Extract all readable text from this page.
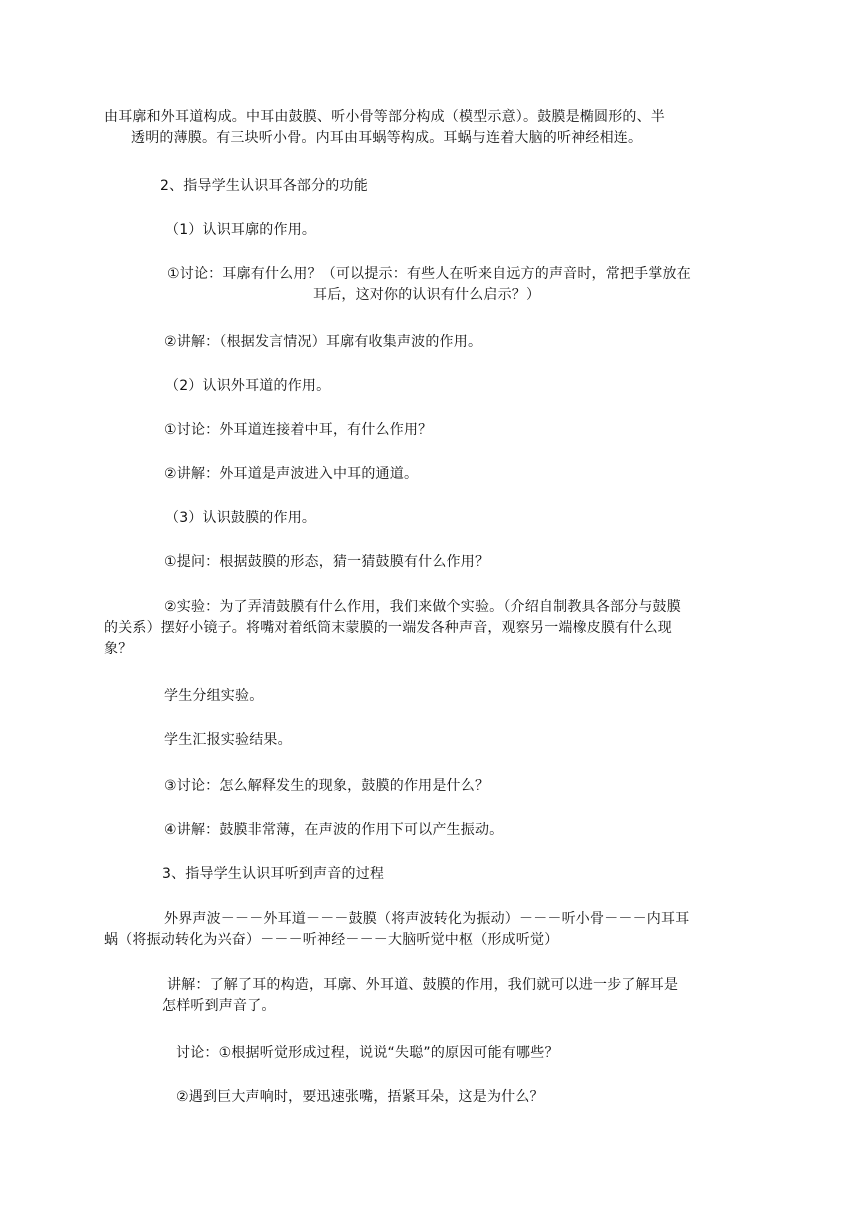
由耳廓和外耳道构成。中耳由鼓膜、听小骨等部分构成（模型示意）。鼓膜是椭圆形的、半
透明的薄膜。有三块听小骨。内耳由耳蜗等构成。耳蜗与连着大脑的听神经相连。
2、指导学生认识耳各部分的功能
（1）认识耳廓的作用。
①讨论：耳廓有什么用？（可以提示：有些人在听来自远方的声音时，常把手掌放在
耳后，这对你的认识有什么启示？）
②讲解：（根据发言情况）耳廓有收集声波的作用。
（2）认识外耳道的作用。
①讨论：外耳道连接着中耳，有什么作用？
②讲解：外耳道是声波进入中耳的通道。
（3）认识鼓膜的作用。
①提问：根据鼓膜的形态，猜一猜鼓膜有什么作用？
②实验：为了弄清鼓膜有什么作用，我们来做个实验。（介绍自制教具各部分与鼓膜
的关系）摆好小镜子。将嘴对着纸筒末蒙膜的一端发各种声音，观察另一端橡皮膜有什么现
象？
学生分组实验。
学生汇报实验结果。
③讨论：怎么解释发生的现象，鼓膜的作用是什么？
④讲解：鼓膜非常薄，在声波的作用下可以产生振动。
3、指导学生认识耳听到声音的过程
外界声波－－－外耳道－－－鼓膜（将声波转化为振动）－－－听小骨－－－内耳耳
蜗（将振动转化为兴奋）－－－听神经－－－大脑听觉中枢（形成听觉）
讲解：了解了耳的构造，耳廓、外耳道、鼓膜的作用，我们就可以进一步了解耳是
怎样听到声音了。
讨论：①根据听觉形成过程，说说“失聪”的原因可能有哪些？
②遇到巨大声响时，要迅速张嘴，捂紧耳朵，这是为什么？
